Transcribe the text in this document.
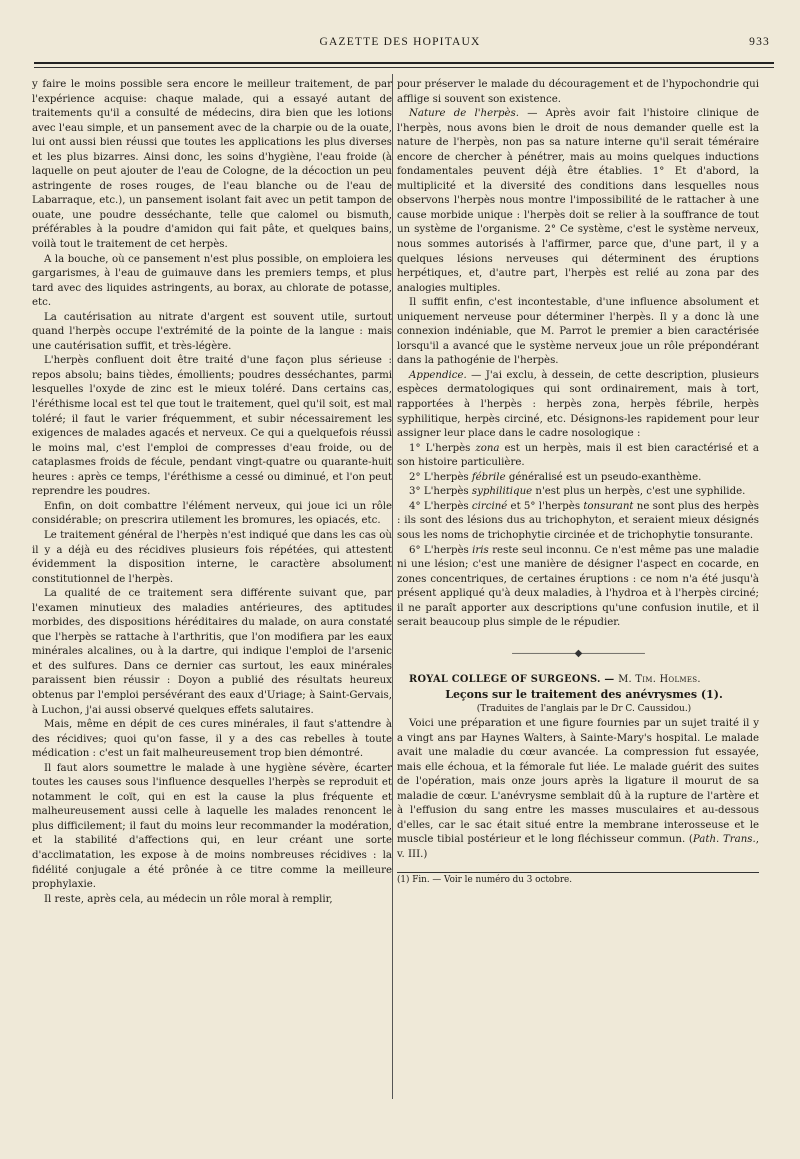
GAZETTE DES HOPITAUX	933

y faire le moins possible sera encore le meilleur traitement, de par l'expérience acquise: chaque malade, qui a essayé autant de traitements qu'il a consulté de médecins, dira bien que les lotions avec l'eau simple, et un pansement avec de la charpie ou de la ouate, lui ont aussi bien réussi que toutes les applications les plus diverses et les plus bizarres. Ainsi donc, les soins d'hygiène, l'eau froide (à laquelle on peut ajouter de l'eau de Cologne, de la décoction un peu astringente de roses rouges, de l'eau blanche ou de l'eau de Labarraque, etc.), un pansement isolant fait avec un petit tampon de ouate, une poudre desséchante, telle que calomel ou bismuth, préférables à la poudre d'amidon qui fait pâte, et quelques bains, voilà tout le traitement de cet herpès.

A la bouche, où ce pansement n'est plus possible, on emploiera les gargarismes, à l'eau de guimauve dans les premiers temps, et plus tard avec des liquides astringents, au borax, au chlorate de potasse, etc.

La cautérisation au nitrate d'argent est souvent utile, surtout quand l'herpès occupe l'extrémité de la pointe de la langue : mais une cautérisation suffit, et très-légère.

L'herpès confluent doit être traité d'une façon plus sérieuse : repos absolu; bains tièdes, émollients; poudres desséchantes, parmi lesquelles l'oxyde de zinc est le mieux toléré. Dans certains cas, l'éréthisme local est tel que tout le traitement, quel qu'il soit, est mal toléré; il faut le varier fréquemment, et subir nécessairement les exigences de malades agacés et nerveux. Ce qui a quelquefois réussi le moins mal, c'est l'emploi de compresses d'eau froide, ou de cataplasmes froids de fécule, pendant vingt-quatre ou quarante-huit heures : après ce temps, l'éréthisme a cessé ou diminué, et l'on peut reprendre les poudres.

Enfin, on doit combattre l'élément nerveux, qui joue ici un rôle considérable; on prescrira utilement les bromures, les opiacés, etc.

Le traitement général de l'herpès n'est indiqué que dans les cas où il y a déjà eu des récidives plusieurs fois répétées, qui attestent évidemment la disposition interne, le caractère absolument constitutionnel de l'herpès.

La qualité de ce traitement sera différente suivant que, par l'examen minutieux des maladies antérieures, des aptitudes morbides, des dispositions héréditaires du malade, on aura constaté que l'herpès se rattache à l'arthritis, que l'on modifiera par les eaux minérales alcalines, ou à la dartre, qui indique l'emploi de l'arsenic et des sulfures. Dans ce dernier cas surtout, les eaux minérales paraissent bien réussir : Doyon a publié des résultats heureux obtenus par l'emploi persévérant des eaux d'Uriage; à Saint-Gervais, à Luchon, j'ai aussi observé quelques effets salutaires.

Mais, même en dépit de ces cures minérales, il faut s'attendre à des récidives; quoi qu'on fasse, il y a des cas rebelles à toute médication : c'est un fait malheureusement trop bien démontré.

Il faut alors soumettre le malade à une hygiène sévère, écarter toutes les causes sous l'influence desquelles l'herpès se reproduit et notamment le coït, qui en est la cause la plus fréquente et malheureusement aussi celle à laquelle les malades renoncent le plus difficilement; il faut du moins leur recommander la modération, et la stabilité d'affections qui, en leur créant une sorte d'acclimatation, les expose à de moins nombreuses récidives : la fidélité conjugale a été prônée à ce titre comme la meilleure prophylaxie.

Il reste, après cela, au médecin un rôle moral à remplir,

pour préserver le malade du découragement et de l'hypochondrie qui afflige si souvent son existence.

Nature de l'herpès. — Après avoir fait l'histoire clinique de l'herpès, nous avons bien le droit de nous demander quelle est la nature de l'herpès, non pas sa nature interne qu'il serait téméraire encore de chercher à pénétrer, mais au moins quelques inductions fondamentales peuvent déjà être établies. 1° Et d'abord, la multiplicité et la diversité des conditions dans lesquelles nous observons l'herpès nous montre l'impossibilité de le rattacher à une cause morbide unique : l'herpès doit se relier à la souffrance de tout un système de l'organisme. 2° Ce système, c'est le système nerveux, nous sommes autorisés à l'affirmer, parce que, d'une part, il y a quelques lésions nerveuses qui déterminent des éruptions herpétiques, et, d'autre part, l'herpès est relié au zona par des analogies multiples.

Il suffit enfin, c'est incontestable, d'une influence absolument et uniquement nerveuse pour déterminer l'herpès. Il y a donc là une connexion indéniable, que M. Parrot le premier a bien caractérisée lorsqu'il a avancé que le système nerveux joue un rôle prépondérant dans la pathogénie de l'herpès.

Appendice. — J'ai exclu, à dessein, de cette description, plusieurs espèces dermatologiques qui sont ordinairement, mais à tort, rapportées à l'herpès : herpès zona, herpès fébrile, herpès syphilitique, herpès circiné, etc. Désignons-les rapidement pour leur assigner leur place dans le cadre nosologique :

1° L'herpès zona est un herpès, mais il est bien caractérisé et a son histoire particulière.

2° L'herpès fébrile généralisé est un pseudo-exanthème.

3° L'herpès syphilitique n'est plus un herpès, c'est une syphilide.

4° L'herpès circiné et 5° l'herpès tonsurant ne sont plus des herpès : ils sont des lésions dus au trichophyton, et seraient mieux désignés sous les noms de trichophytie circinée et de trichophytie tonsurante.

6° L'herpès iris reste seul inconnu. Ce n'est même pas une maladie ni une lésion; c'est une manière de désigner l'aspect en cocarde, en zones concentriques, de certaines éruptions : ce nom n'a été jusqu'à présent appliqué qu'à deux maladies, à l'hydroa et à l'herpès circiné; il ne paraît apporter aux descriptions qu'une confusion inutile, et il serait beaucoup plus simple de le répudier.

———————◆———————

ROYAL COLLEGE OF SURGEONS. — M. Tim. Holmes.

Leçons sur le traitement des anévrysmes (1).

(Traduites de l'anglais par le Dr C. Caussidou.)

Voici une préparation et une figure fournies par un sujet traité il y a vingt ans par Haynes Walters, à Sainte-Mary's hospital. Le malade avait une maladie du cœur avancée. La compression fut essayée, mais elle échoua, et la fémorale fut liée. Le malade guérit des suites de l'opération, mais onze jours après la ligature il mourut de sa maladie de cœur. L'anévrysme semblait dû à la rupture de l'artère et à l'effusion du sang entre les masses musculaires et au-dessous d'elles, car le sac était situé entre la membrane interosseuse et le muscle tibial postérieur et le long fléchisseur commun. (Path. Trans., v. III.)

(1) Fin. — Voir le numéro du 3 octobre.
